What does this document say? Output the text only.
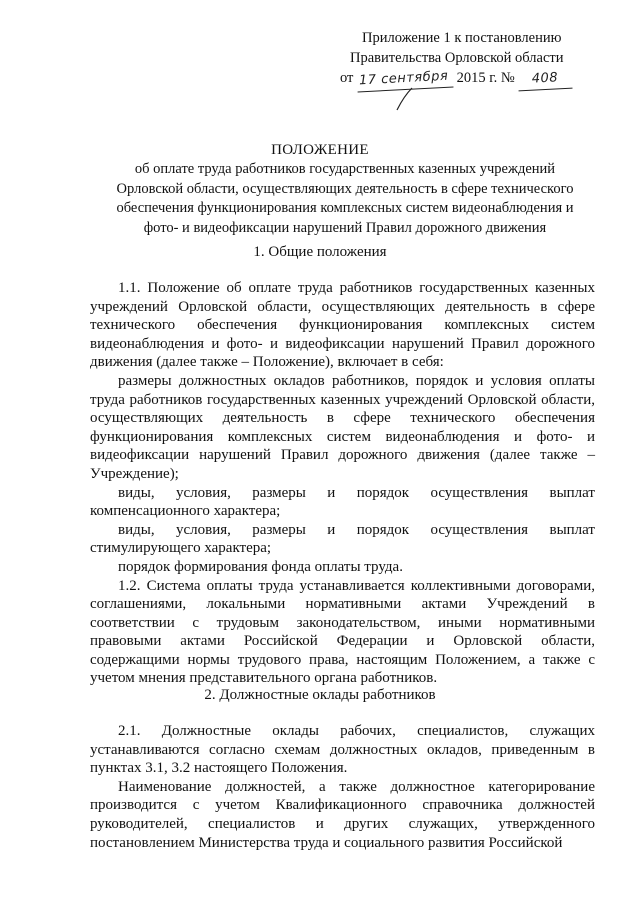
Приложение 1 к постановлению
Правительства Орловской области
от 17 сентября 2015 г. № 408
ПОЛОЖЕНИЕ
об оплате труда работников государственных казенных учреждений Орловской области, осуществляющих деятельность в сфере технического обеспечения функционирования комплексных систем видеонаблюдения и фото- и видеофиксации нарушений Правил дорожного движения
1. Общие положения

1.1. Положение об оплате труда работников государственных казенных учреждений Орловской области, осуществляющих деятельность в сфере технического обеспечения функционирования комплексных систем видеонаблюдения и фото- и видеофиксации нарушений Правил дорожного движения (далее также – Положение), включает в себя:

размеры должностных окладов работников, порядок и условия оплаты труда работников государственных казенных учреждений Орловской области, осуществляющих деятельность в сфере технического обеспечения функционирования комплексных систем видеонаблюдения и фото- и видеофиксации нарушений Правил дорожного движения (далее также – Учреждение);

виды, условия, размеры и порядок осуществления выплат компенсационного характера;

виды, условия, размеры и порядок осуществления выплат стимулирующего характера;

порядок формирования фонда оплаты труда.

1.2. Система оплаты труда устанавливается коллективными договорами, соглашениями, локальными нормативными актами Учреждений в соответствии с трудовым законодательством, иными нормативными правовыми актами Российской Федерации и Орловской области, содержащими нормы трудового права, настоящим Положением, а также с учетом мнения представительного органа работников.

2. Должностные оклады работников

2.1. Должностные оклады рабочих, специалистов, служащих устанавливаются согласно схемам должностных окладов, приведенным в пунктах 3.1, 3.2 настоящего Положения.

Наименование должностей, а также должностное категорирование производится с учетом Квалификационного справочника должностей руководителей, специалистов и других служащих, утвержденного постановлением Министерства труда и социального развития Российской
